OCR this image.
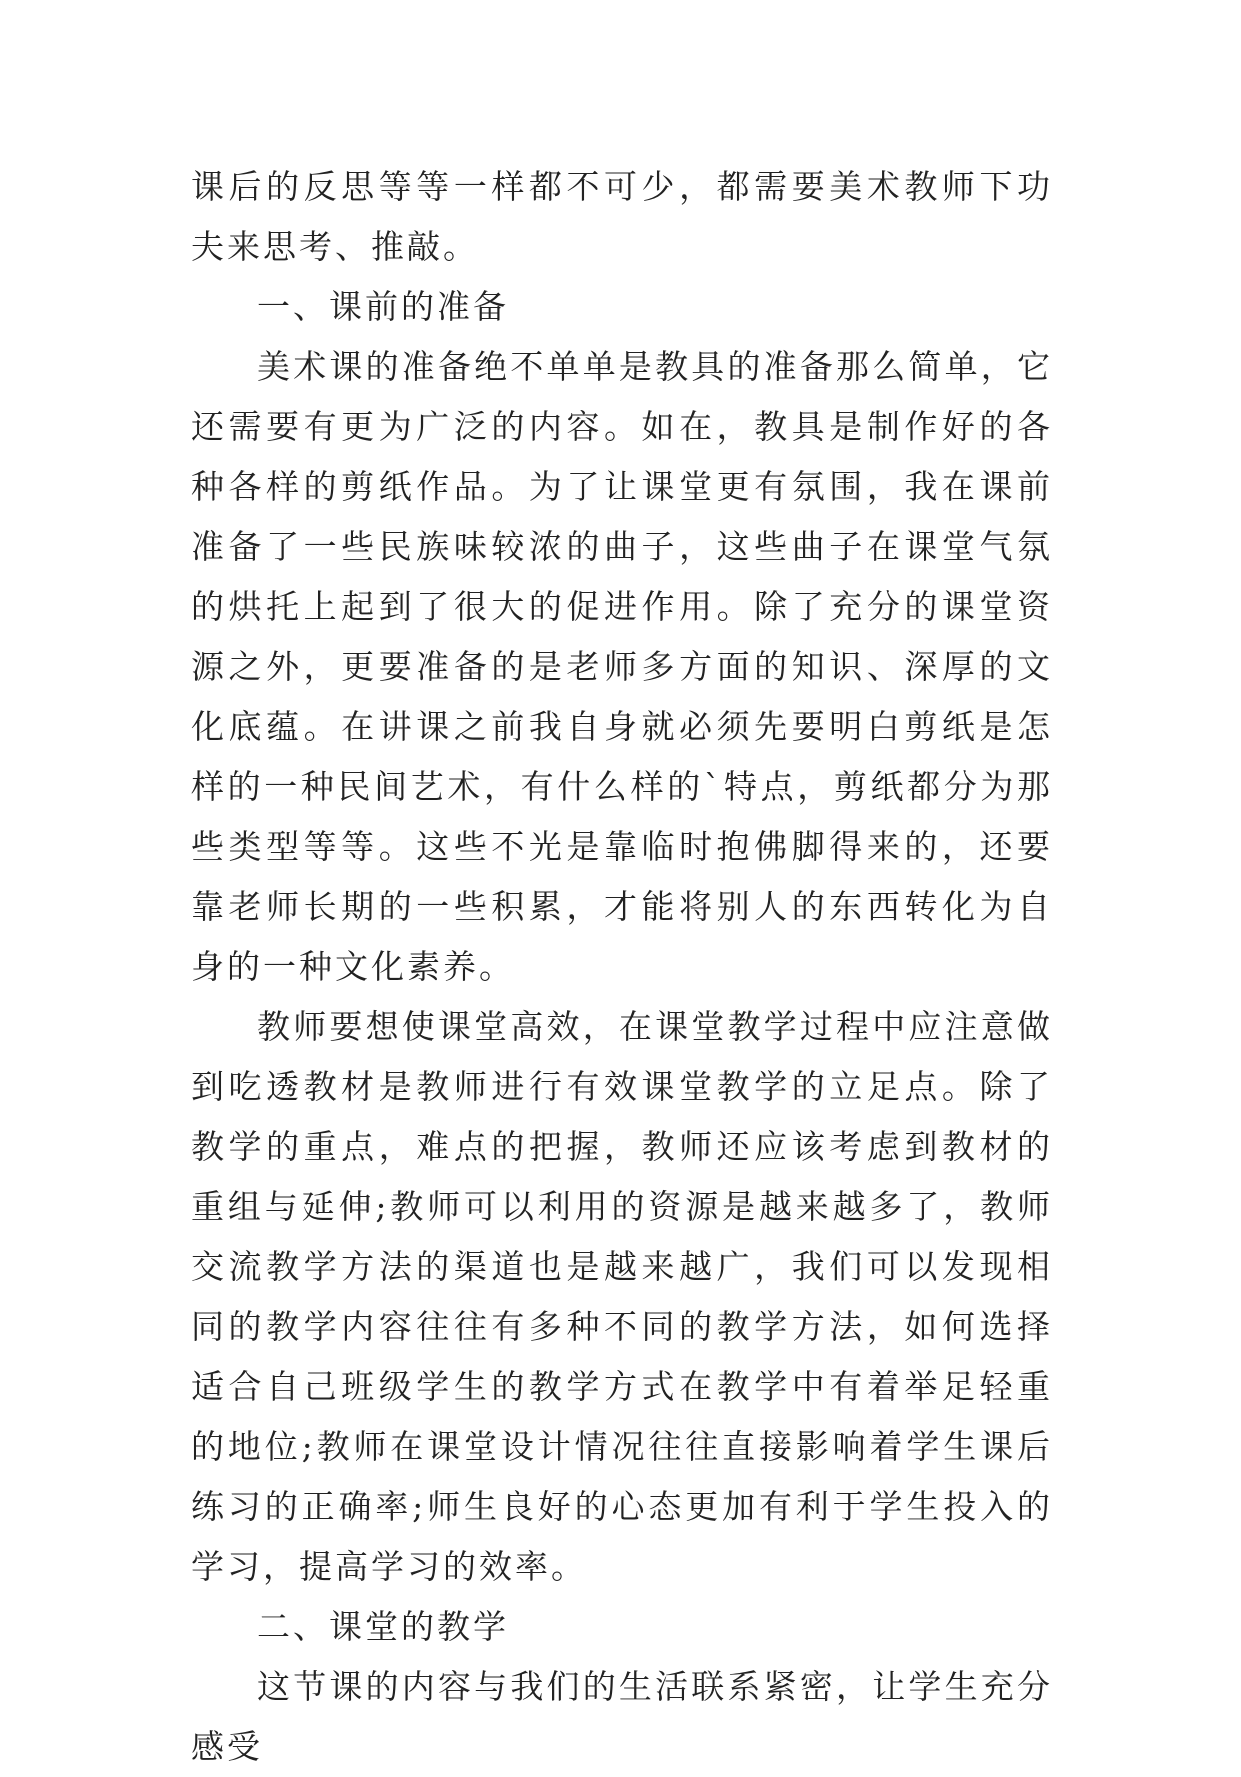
课后的反思等等一样都不可少，都需要美术教师下功夫来思考、推敲。

一、课前的准备

美术课的准备绝不单单是教具的准备那么简单，它还需要有更为广泛的内容。如在，教具是制作好的各种各样的剪纸作品。为了让课堂更有氛围，我在课前准备了一些民族味较浓的曲子，这些曲子在课堂气氛的烘托上起到了很大的促进作用。除了充分的课堂资源之外，更要准备的是老师多方面的知识、深厚的文化底蕴。在讲课之前我自身就必须先要明白剪纸是怎样的一种民间艺术，有什么样的`特点，剪纸都分为那些类型等等。这些不光是靠临时抱佛脚得来的，还要靠老师长期的一些积累，才能将别人的东西转化为自身的一种文化素养。

教师要想使课堂高效，在课堂教学过程中应注意做到吃透教材是教师进行有效课堂教学的立足点。除了教学的重点，难点的把握，教师还应该考虑到教材的重组与延伸;教师可以利用的资源是越来越多了，教师交流教学方法的渠道也是越来越广，我们可以发现相同的教学内容往往有多种不同的教学方法，如何选择适合自己班级学生的教学方式在教学中有着举足轻重的地位;教师在课堂设计情况往往直接影响着学生课后练习的正确率;师生良好的心态更加有利于学生投入的学习，提高学习的效率。

二、课堂的教学

这节课的内容与我们的生活联系紧密，让学生充分感受
